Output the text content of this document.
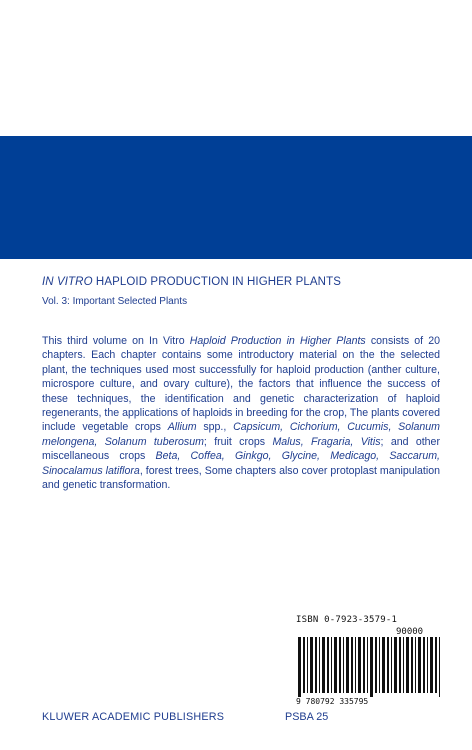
IN VITRO HAPLOID PRODUCTION IN HIGHER PLANTS
Vol. 3: Important Selected Plants

This third volume on In Vitro Haploid Production in Higher Plants consists of 20 chapters. Each chapter contains some introductory material on the the selected plant, the techniques used most successfully for haploid production (anther culture, microspore culture, and ovary culture), the factors that influence the success of these techniques, the identification and genetic characterization of haploid regenerants, the applications of haploids in breeding for the crop, The plants covered include vegetable crops Allium spp., Capsicum, Cichorium, Cucumis, Solanum melongena, Solanum tuberosum; fruit crops Malus, Fragaria, Vitis; and other miscellaneous crops Beta, Coffea, Ginkgo, Glycine, Medicago, Saccarum, Sinocalamus latiflora, forest trees, Some chapters also cover protoplast manipulation and genetic transformation.

ISBN 0-7923-3579-1
90000
9 780792 335795
KLUWER ACADEMIC PUBLISHERS	PSBA 25
